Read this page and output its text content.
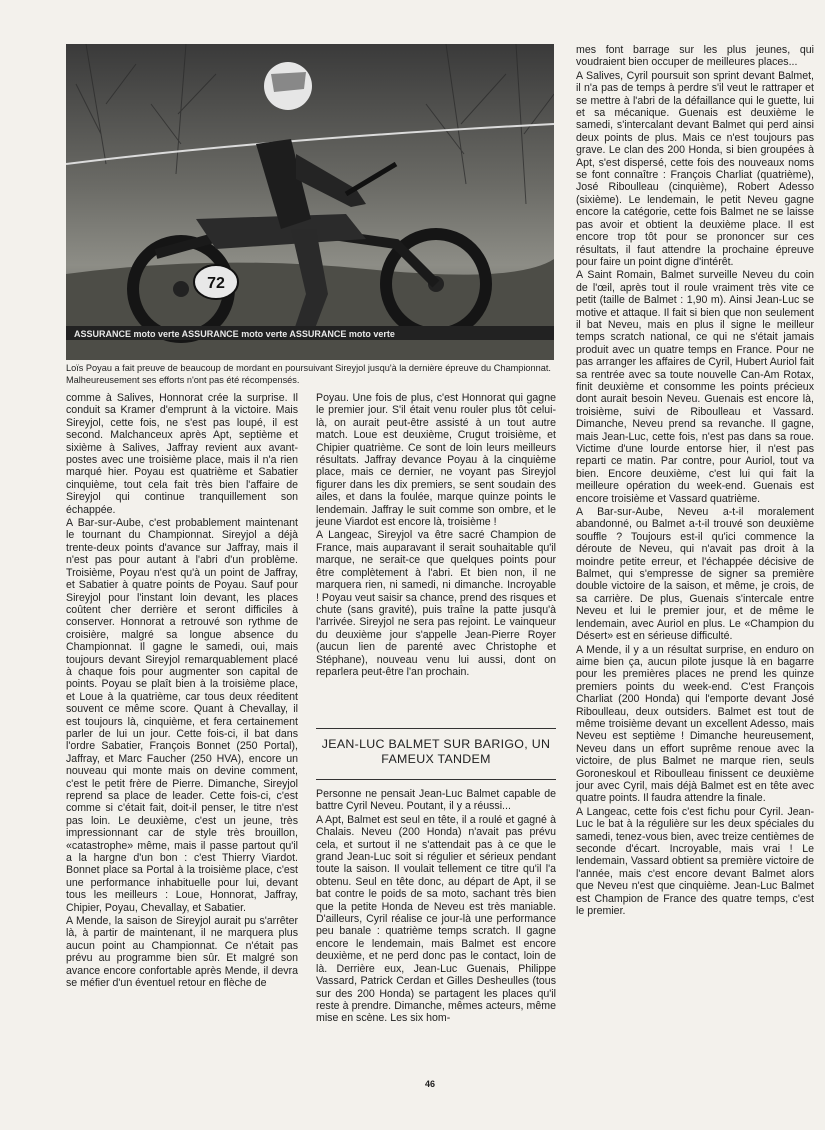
72
ASSURANCE moto verte ASSURANCE moto verte ASSURANCE moto verte

Loïs Poyau a fait preuve de beaucoup de mordant en poursuivant Sireyjol jusqu'à la dernière épreuve du Championnat. Malheureusement ses efforts n'ont pas été récompensés.

comme à Salives, Honnorat crée la surprise. Il conduit sa Kramer d'emprunt à la victoire. Mais Sireyjol, cette fois, ne s'est pas loupé, il est second. Malchanceux après Apt, septième et sixième à Salives, Jaffray revient aux avant-postes avec une troisième place, mais il n'a rien marqué hier. Poyau est quatrième et Sabatier cinquième, tout cela fait très bien l'affaire de Sireyjol qui continue tranquillement son échappée.

A Bar-sur-Aube, c'est probablement maintenant le tournant du Championnat. Sireyjol a déjà trente-deux points d'avance sur Jaffray, mais il n'est pas pour autant à l'abri d'un problème. Troisième, Poyau n'est qu'à un point de Jaffray, et Sabatier à quatre points de Poyau. Sauf pour Sireyjol pour l'instant loin devant, les places coûtent cher derrière et seront difficiles à conserver. Honnorat a retrouvé son rythme de croisière, malgré sa longue absence du Championnat. Il gagne le samedi, oui, mais toujours devant Sireyjol remarquablement placé à chaque fois pour augmenter son capital de points. Poyau se plaît bien à la troisième place, et Loue à la quatrième, car tous deux réeditent souvent ce même score. Quant à Chevallay, il est toujours là, cinquième, et fera certainement parler de lui un jour. Cette fois-ci, il bat dans l'ordre Sabatier, François Bonnet (250 Portal), Jaffray, et Marc Faucher (250 HVA), encore un nouveau qui monte mais on devine comment, c'est le petit frère de Pierre. Dimanche, Sireyjol reprend sa place de leader. Cette fois-ci, c'est comme si c'était fait, doit-il penser, le titre n'est pas loin. Le deuxième, c'est un jeune, très impressionnant car de style très brouillon, «catastrophe» même, mais il passe partout qu'il a la hargne d'un bon : c'est Thierry Viardot. Bonnet place sa Portal à la troisième place, c'est une performance inhabituelle pour lui, devant tous les meilleurs : Loue, Honnorat, Jaffray, Chipier, Poyau, Chevallay, et Sabatier.

A Mende, la saison de Sireyjol aurait pu s'arrêter là, à partir de maintenant, il ne marquera plus aucun point au Championnat. Ce n'était pas prévu au programme bien sûr. Et malgré son avance encore confortable après Mende, il devra se méfier d'un éventuel retour en flèche de

Poyau. Une fois de plus, c'est Honnorat qui gagne le premier jour. S'il était venu rouler plus tôt celui-là, on aurait peut-être assisté à un tout autre match. Loue est deuxième, Crugut troisième, et Chipier quatrième. Ce sont de loin leurs meilleurs résultats. Jaffray devance Poyau à la cinquième place, mais ce dernier, ne voyant pas Sireyjol figurer dans les dix premiers, se sent soudain des ailes, et dans la foulée, marque quinze points le lendemain. Jaffray le suit comme son ombre, et le jeune Viardot est encore là, troisième !

A Langeac, Sireyjol va être sacré Champion de France, mais auparavant il serait souhaitable qu'il marque, ne serait-ce que quelques points pour être complètement à l'abri. Et bien non, il ne marquera rien, ni samedi, ni dimanche. Incroyable ! Poyau veut saisir sa chance, prend des risques et chute (sans gravité), puis traîne la patte jusqu'à l'arrivée. Sireyjol ne sera pas rejoint. Le vainqueur du deuxième jour s'appelle Jean-Pierre Royer (aucun lien de parenté avec Christophe et Stéphane), nouveau venu lui aussi, dont on reparlera peut-être l'an prochain.

JEAN-LUC BALMET SUR BARIGO, UN FAMEUX TANDEM

Personne ne pensait Jean-Luc Balmet capable de battre Cyril Neveu. Poutant, il y a réussi...

A Apt, Balmet est seul en tête, il a roulé et gagné à Chalais. Neveu (200 Honda) n'avait pas prévu cela, et surtout il ne s'attendait pas à ce que le grand Jean-Luc soit si régulier et sérieux pendant toute la saison. Il voulait tellement ce titre qu'il l'a obtenu. Seul en tête donc, au départ de Apt, il se bat contre le poids de sa moto, sachant très bien que la petite Honda de Neveu est très maniable. D'ailleurs, Cyril réalise ce jour-là une performance peu banale : quatrième temps scratch. Il gagne encore le lendemain, mais Balmet est encore deuxième, et ne perd donc pas le contact, loin de là. Derrière eux, Jean-Luc Guenais, Philippe Vassard, Patrick Cerdan et Gilles Desheulles (tous sur des 200 Honda) se partagent les places qu'il reste à prendre. Dimanche, mêmes acteurs, même mise en scène. Les six hom-

mes font barrage sur les plus jeunes, qui voudraient bien occuper de meilleures places...

A Salives, Cyril poursuit son sprint devant Balmet, il n'a pas de temps à perdre s'il veut le rattraper et se mettre à l'abri de la défaillance qui le guette, lui et sa mécanique. Guenais est deuxième le samedi, s'intercalant devant Balmet qui perd ainsi deux points de plus. Mais ce n'est toujours pas grave. Le clan des 200 Honda, si bien groupées à Apt, s'est dispersé, cette fois des nouveaux noms se font connaître : François Charliat (quatrième), José Riboulleau (cinquième), Robert Adesso (sixième). Le lendemain, le petit Neveu gagne encore la catégorie, cette fois Balmet ne se laisse pas avoir et obtient la deuxième place. Il est encore trop tôt pour se prononcer sur ces résultats, il faut attendre la prochaine épreuve pour faire un point digne d'intérêt.

A Saint Romain, Balmet surveille Neveu du coin de l'œil, après tout il roule vraiment très vite ce petit (taille de Balmet : 1,90 m). Ainsi Jean-Luc se motive et attaque. Il fait si bien que non seulement il bat Neveu, mais en plus il signe le meilleur temps scratch national, ce qui ne s'était jamais produit avec un quatre temps en France. Pour ne pas arranger les affaires de Cyril, Hubert Auriol fait sa rentrée avec sa toute nouvelle Can-Am Rotax, finit deuxième et consomme les points précieux dont aurait besoin Neveu. Guenais est encore là, troisième, suivi de Riboulleau et Vassard. Dimanche, Neveu prend sa revanche. Il gagne, mais Jean-Luc, cette fois, n'est pas dans sa roue. Victime d'une lourde entorse hier, il n'est pas reparti ce matin. Par contre, pour Auriol, tout va bien. Encore deuxième, c'est lui qui fait la meilleure opération du week-end. Guenais est encore troisième et Vassard quatrième.

A Bar-sur-Aube, Neveu a-t-il moralement abandonné, ou Balmet a-t-il trouvé son deuxième souffle ? Toujours est-il qu'ici commence la déroute de Neveu, qui n'avait pas droit à la moindre petite erreur, et l'échappée décisive de Balmet, qui s'empresse de signer sa première double victoire de la saison, et même, je crois, de sa carrière. De plus, Guenais s'intercale entre Neveu et lui le premier jour, et de même le lendemain, avec Auriol en plus. Le «Champion du Désert» est en sérieuse difficulté.

A Mende, il y a un résultat surprise, en enduro on aime bien ça, aucun pilote jusque là en bagarre pour les premières places ne prend les quinze premiers points du week-end. C'est François Charliat (200 Honda) qui l'emporte devant José Riboulleau, deux outsiders. Balmet est tout de même troisième devant un excellent Adesso, mais Neveu est septième ! Dimanche heureusement, Neveu dans un effort suprême renoue avec la victoire, de plus Balmet ne marque rien, seuls Goroneskoul et Riboulleau finissent ce deuxième jour avec Cyril, mais déjà Balmet est en tête avec quatre points. Il faudra attendre la finale.

A Langeac, cette fois c'est fichu pour Cyril. Jean-Luc le bat à la régulière sur les deux spéciales du samedi, tenez-vous bien, avec treize centièmes de seconde d'écart. Incroyable, mais vrai ! Le lendemain, Vassard obtient sa première victoire de l'année, mais c'est encore devant Balmet alors que Neveu n'est que cinquième. Jean-Luc Balmet est Champion de France des quatre temps, c'est le premier.

46
